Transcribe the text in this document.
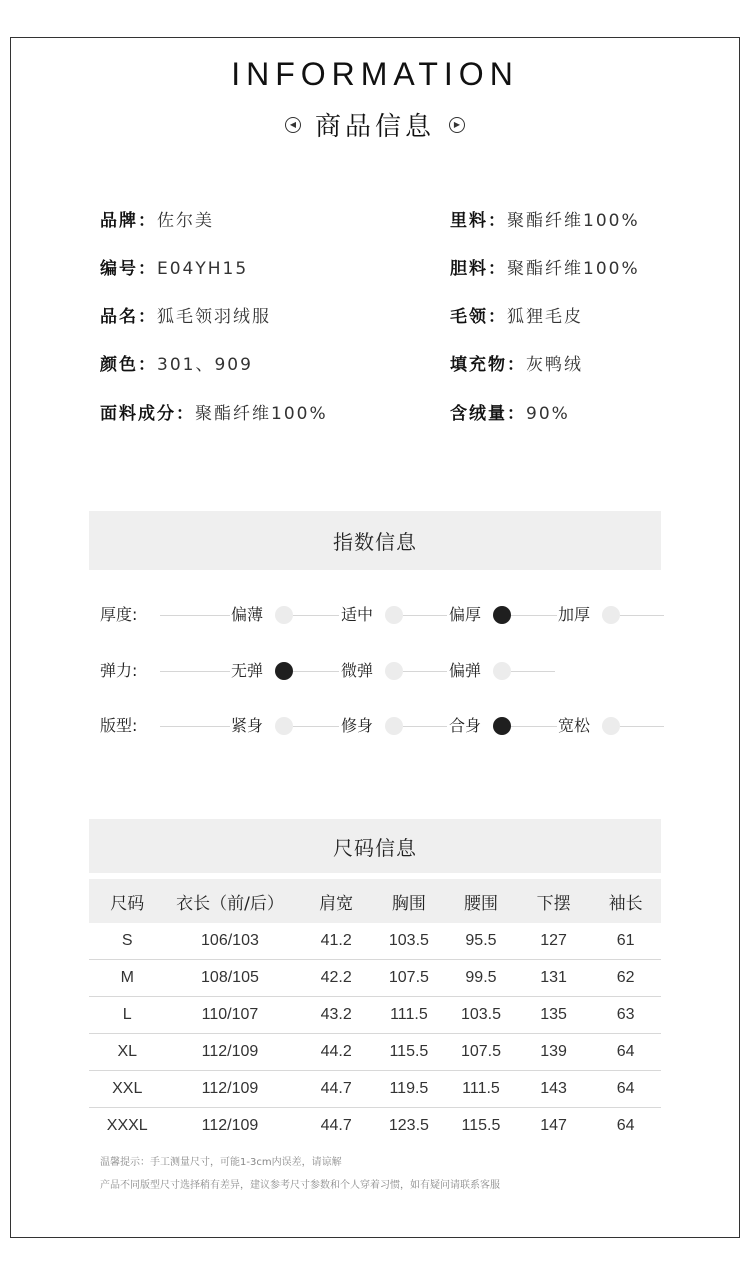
INFORMATION
◀ 商品信息	▶
品牌：佐尔美
编号：E04YH15
品名：狐毛领羽绒服
颜色：301、909
面料成分：聚酯纤维100%
里料：聚酯纤维100%
胆料：聚酯纤维100%
毛领：狐狸毛皮
填充物：灰鸭绒
含绒量：90%
指数信息
厚度:	偏薄	适中	偏厚	加厚
弹力:	无弹	微弹	偏弹
版型:	紧身	修身	合身	宽松
尺码信息
尺码	衣长（前/后）	肩宽	胸围	腰围	下摆	袖长
S	106/103	41.2	103.5	95.5	127	61
M	108/105	42.2	107.5	99.5	131	62
L	110/107	43.2	111.5	103.5	135	63
XL	112/109	44.2	115.5	107.5	139	64
XXL	112/109	44.7	119.5	111.5	143	64
XXXL	112/109	44.7	123.5	115.5	147	64
温馨提示：手工测量尺寸，可能1-3cm内误差，请谅解
产品不同版型尺寸选择稍有差异，建议参考尺寸参数和个人穿着习惯，如有疑问请联系客服
